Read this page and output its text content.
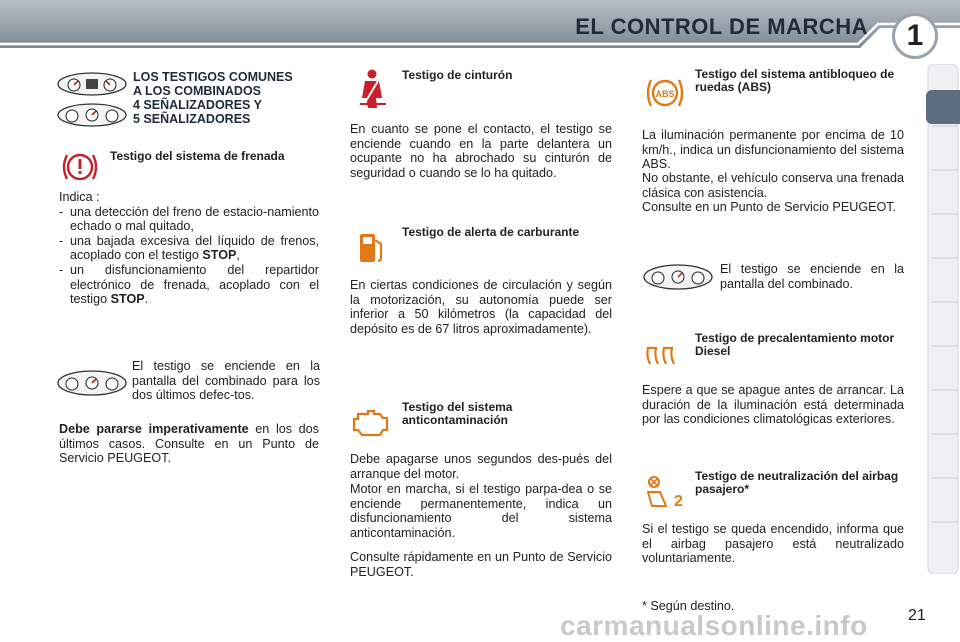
EL CONTROL DE MARCHA 1
LOS TESTIGOS COMUNES
A LOS COMBINADOS
4 SEÑALIZADORES Y
5 SEÑALIZADORES
Testigo del sistema de frenada

Indica :

- una detección del freno de estacio-namiento echado o mal quitado,
- una bajada excesiva del líquido de frenos, acoplado con el testigo STOP,
- un disfuncionamiento del repartidor electrónico de frenada, acoplado con el testigo STOP.

El testigo se enciende en la pantalla del combinado para los dos últimos defec-tos.

Debe pararse imperativamente en los dos últimos casos. Consulte en un Punto de Servicio PEUGEOT.

Testigo de cinturón

En cuanto se pone el contacto, el testigo se enciende cuando en la parte delantera un ocupante no ha abrochado su cinturón de seguridad o cuando se lo ha quitado.

Testigo de alerta de carburante

En ciertas condiciones de circulación y según la motorización, su autonomía puede ser inferior a 50 kilómetros (la capacidad del depósito es de 67 litros aproximadamente).

Testigo del sistema anticontaminación

Debe apagarse unos segundos des-pués del arranque del motor.

Motor en marcha, si el testigo parpa-dea o se enciende permanentemente, indica un disfuncionamiento del sistema anticontaminación.

Consulte rápidamente en un Punto de Servicio PEUGEOT.

ABS
Testigo del sistema antibloqueo de ruedas (ABS)

La iluminación permanente por encima de 10 km/h., indica un disfuncionamiento del sistema ABS.

No obstante, el vehículo conserva una frenada clásica con asistencia.

Consulte en un Punto de Servicio PEUGEOT.

El testigo se enciende en la pantalla del combinado.

Testigo de precalentamiento motor Diesel

Espere a que se apague antes de arrancar. La duración de la iluminación está determinada por las condiciones climatológicas exteriores.

2
Testigo de neutralización del airbag pasajero*

Si el testigo se queda encendido, informa que el airbag pasajero está neutralizado voluntariamente.

* Según destino.

carmanualsonline.info	21
